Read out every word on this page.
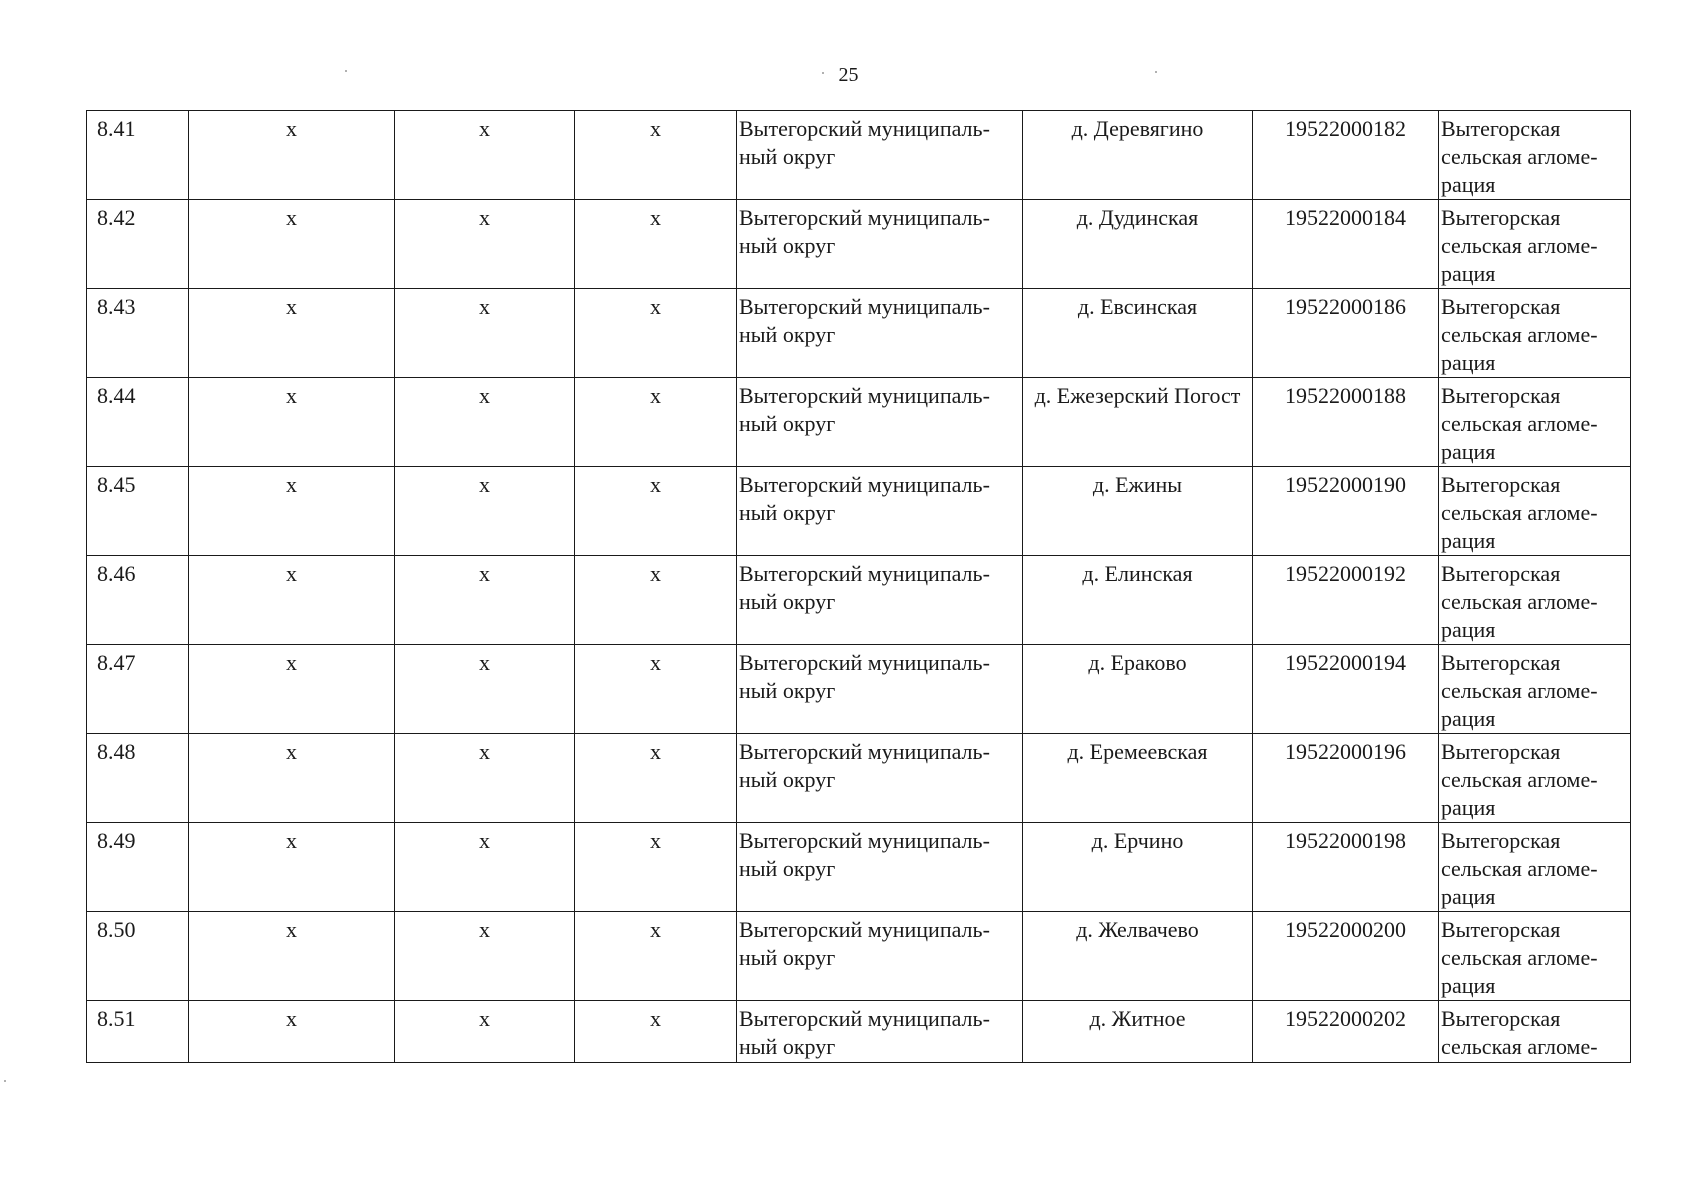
25
8.41	x	x	x	Вытегорский муниципаль-ный округ	д. Деревягино	19522000182	Вытегорская сельская агломе-рация
8.42	x	x	x	Вытегорский муниципаль-ный округ	д. Дудинская	19522000184	Вытегорская сельская агломе-рация
8.43	x	x	x	Вытегорский муниципаль-ный округ	д. Евсинская	19522000186	Вытегорская сельская агломе-рация
8.44	x	x	x	Вытегорский муниципаль-ный округ	д. Ежезерский Погост	19522000188	Вытегорская сельская агломе-рация
8.45	x	x	x	Вытегорский муниципаль-ный округ	д. Ежины	19522000190	Вытегорская сельская агломе-рация
8.46	x	x	x	Вытегорский муниципаль-ный округ	д. Елинская	19522000192	Вытегорская сельская агломе-рация
8.47	x	x	x	Вытегорский муниципаль-ный округ	д. Ераково	19522000194	Вытегорская сельская агломе-рация
8.48	x	x	x	Вытегорский муниципаль-ный округ	д. Еремеевская	19522000196	Вытегорская сельская агломе-рация
8.49	x	x	x	Вытегорский муниципаль-ный округ	д. Ерчино	19522000198	Вытегорская сельская агломе-рация
8.50	x	x	x	Вытегорский муниципаль-ный округ	д. Желвачево	19522000200	Вытегорская сельская агломе-рация
8.51	x	x	x	Вытегорский муниципаль-ный округ	д. Житное	19522000202	Вытегорская сельская агломе-
